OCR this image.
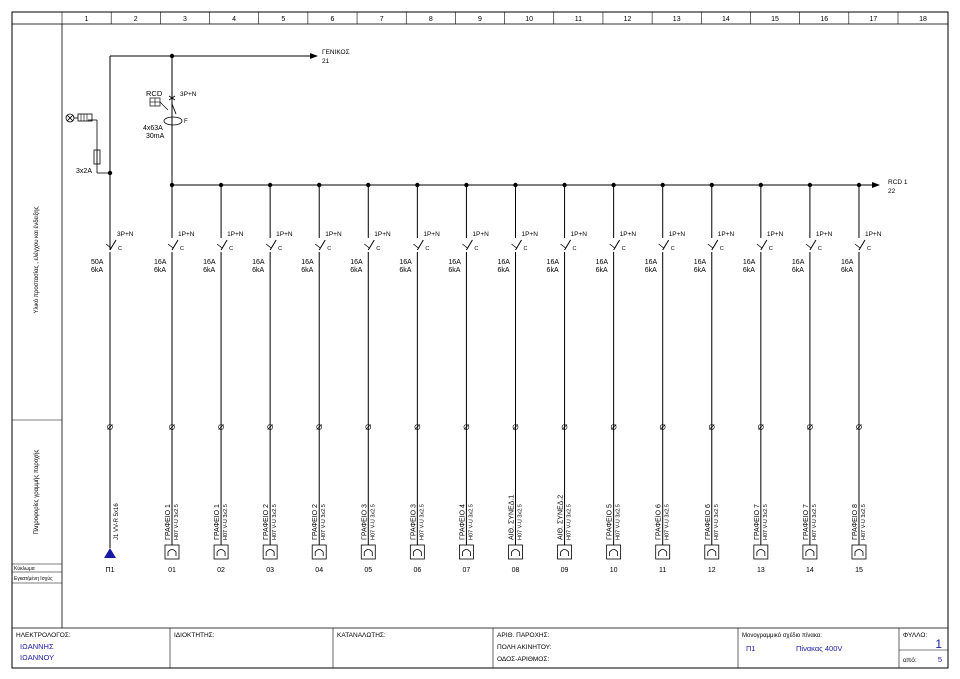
1	2	3	4	5	6	7	8	9	10	11	12	13	14	15	16	17	18
Υλικό προστασίας , ελέγχου και ένδειξης
Πληροφορίες γραμμής παροχής
Κύκλωμα
Εγκατ/μένη Ισχύς
ΗΛΕΚΤΡΟΛΟΓΟΣ:
ΙΩΑΝΝΗΣ
ΙΩΑΝΝΟΥ
ΙΔΙΟΚΤΗΤΗΣ:	ΚΑΤΑΝΑΛΩΤΗΣ:	ΑΡΙΘ. ΠΑΡΟΧΗΣ:
ΠΟΛΗ ΑΚΙΝΗΤΟΥ:
ΟΔΟΣ-ΑΡΙΘΜΟΣ:
Μονογραμμικό σχέδιο πίνακα:
Π1	Πίνακας 400V
ΦΥΛΛΟ:
1
από:	5
ΓΕΝΙΚΟΣ
21
3x2A
RCD	3P+N
F
4x63A
30mA
RCD 1
22
3P+N
C
50A
6kA
J1 VV-R 5x16
Π1
1P+N
C
16A
6kA
ΓΡΑΦΕΙΟ 1 H07 V-U 3x2.5
01
1P+N
C
16A
6kA
ΓΡΑΦΕΙΟ 1 H07 V-U 3x2.5
02
1P+N
C
16A
6kA
ΓΡΑΦΕΙΟ 2 H07 V-U 3x2.5
03
1P+N
C
16A
6kA
ΓΡΑΦΕΙΟ 2 H07 V-U 3x2.5
04
1P+N
C
16A
6kA
ΓΡΑΦΕΙΟ 3 H07 V-U 3x2.5
05
1P+N
C
16A
6kA
ΓΡΑΦΕΙΟ 3 H07 V-U 3x2.5
06
1P+N
C
16A
6kA
ΓΡΑΦΕΙΟ 4 H07 V-U 3x2.5
07
1P+N
C
16A
6kA
ΑΙΘ. ΣΥΝΕΔ.1 H07 V-U 3x2.5
08
1P+N
C
16A
6kA
ΑΙΘ. ΣΥΝΕΔ.2 H07 V-U 3x2.5
09
1P+N
C
16A
6kA
ΓΡΑΦΕΙΟ 5 H07 V-U 3x2.5
10
1P+N
C
16A
6kA
ΓΡΑΦΕΙΟ 6 H07 V-U 3x2.5
11
1P+N
C
16A
6kA
ΓΡΑΦΕΙΟ 6 H07 V-U 3x2.5
12
1P+N
C
16A
6kA
ΓΡΑΦΕΙΟ 7 H07 V-U 3x2.5
13
1P+N
C
16A
6kA
ΓΡΑΦΕΙΟ 7 H07 V-U 3x2.5
14
1P+N
C
16A
6kA
ΓΡΑΦΕΙΟ 8 H07 V-U 3x2.5
15
